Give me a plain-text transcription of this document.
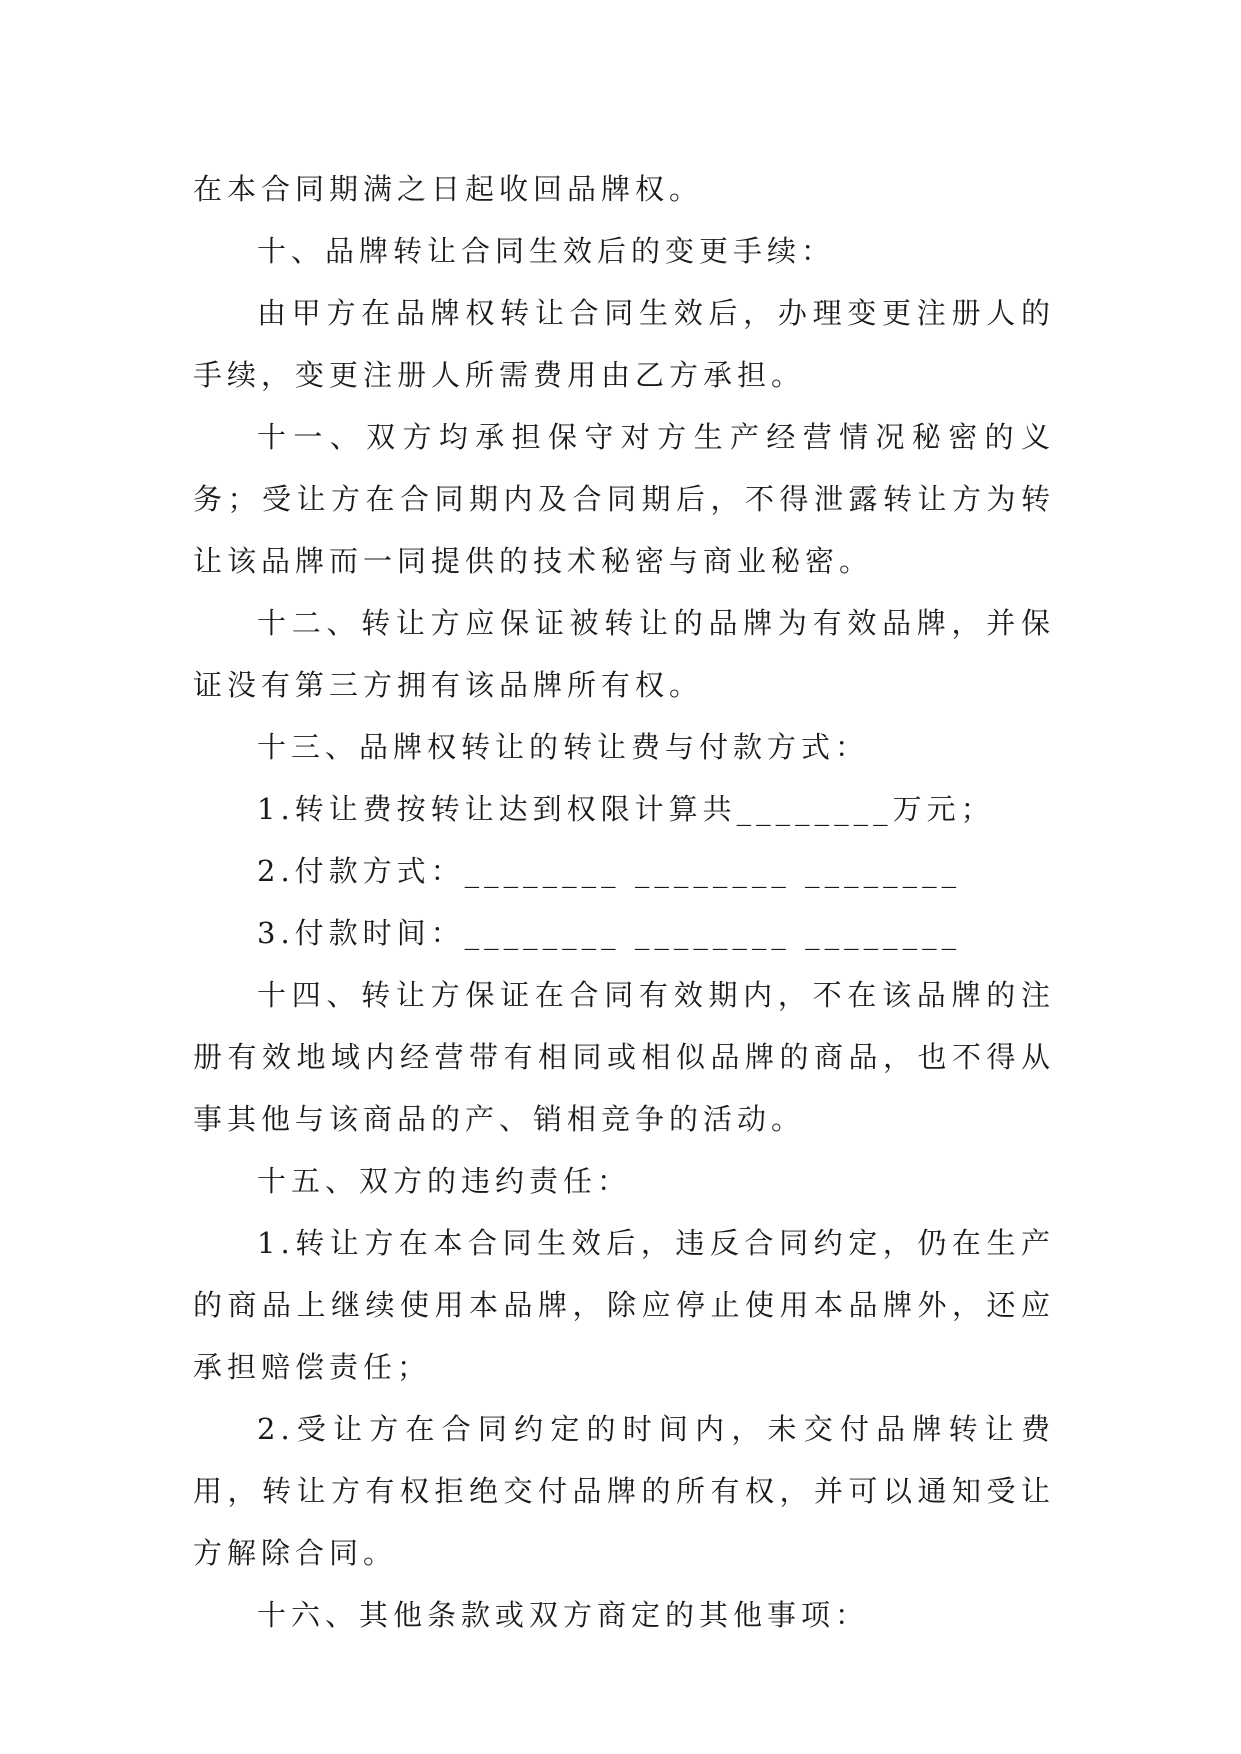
在本合同期满之日起收回品牌权。

十、品牌转让合同生效后的变更手续：

由甲方在品牌权转让合同生效后，办理变更注册人的手续，变更注册人所需费用由乙方承担。

十一、双方均承担保守对方生产经营情况秘密的义务；受让方在合同期内及合同期后，不得泄露转让方为转让该品牌而一同提供的技术秘密与商业秘密。

十二、转让方应保证被转让的品牌为有效品牌，并保证没有第三方拥有该品牌所有权。

十三、品牌权转让的转让费与付款方式：

1.转让费按转让达到权限计算共________万元；

2.付款方式：________ ________ ________

3.付款时间：________ ________ ________

十四、转让方保证在合同有效期内，不在该品牌的注册有效地域内经营带有相同或相似品牌的商品，也不得从事其他与该商品的产、销相竞争的活动。

十五、双方的违约责任：

1.转让方在本合同生效后，违反合同约定，仍在生产的商品上继续使用本品牌，除应停止使用本品牌外，还应承担赔偿责任；

2.受让方在合同约定的时间内，未交付品牌转让费用，转让方有权拒绝交付品牌的所有权，并可以通知受让方解除合同。

十六、其他条款或双方商定的其他事项：
